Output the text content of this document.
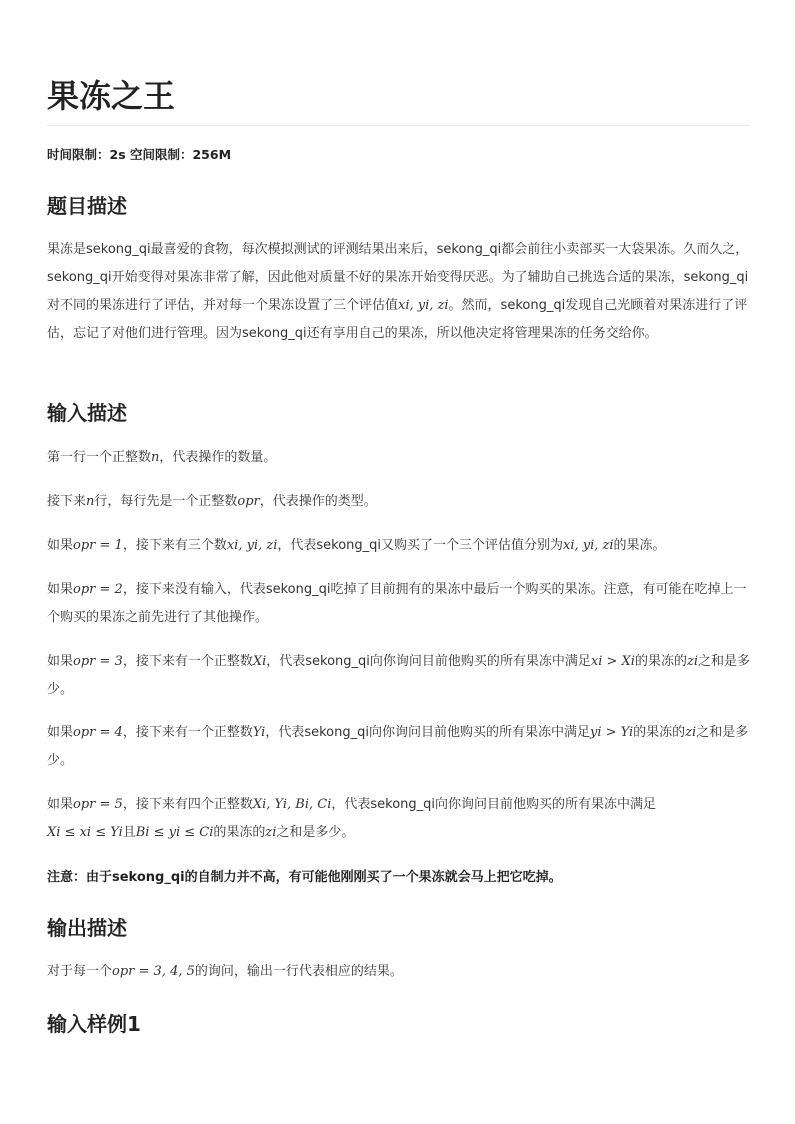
果冻之王
时间限制：2s 空间限制：256M
题目描述

果冻是sekong_qi最喜爱的食物，每次模拟测试的评测结果出来后，sekong_qi都会前往小卖部买一大袋果冻。久而久之，sekong_qi开始变得对果冻非常了解，因此他对质量不好的果冻开始变得厌恶。为了辅助自己挑选合适的果冻，sekong_qi对不同的果冻进行了评估，并对每一个果冻设置了三个评估值xi, yi, zi。然而，sekong_qi发现自己光顾着对果冻进行了评估，忘记了对他们进行管理。因为sekong_qi还有享用自己的果冻，所以他决定将管理果冻的任务交给你。

输入描述

第一行一个正整数n，代表操作的数量。

接下来n行，每行先是一个正整数opr，代表操作的类型。

如果opr = 1，接下来有三个数xi, yi, zi，代表sekong_qi又购买了一个三个评估值分别为xi, yi, zi的果冻。

如果opr = 2，接下来没有输入，代表sekong_qi吃掉了目前拥有的果冻中最后一个购买的果冻。注意，有可能在吃掉上一个购买的果冻之前先进行了其他操作。

如果opr = 3，接下来有一个正整数Xi，代表sekong_qi向你询问目前他购买的所有果冻中满足xi > Xi的果冻的zi之和是多少。

如果opr = 4，接下来有一个正整数Yi，代表sekong_qi向你询问目前他购买的所有果冻中满足yi > Yi的果冻的zi之和是多少。

如果opr = 5，接下来有四个正整数Xi, Yi, Bi, Ci，代表sekong_qi向你询问目前他购买的所有果冻中满足
Xi ≤ xi ≤ Yi且Bi ≤ yi ≤ Ci的果冻的zi之和是多少。

注意：由于sekong_qi的自制力并不高，有可能他刚刚买了一个果冻就会马上把它吃掉。

输出描述

对于每一个opr = 3, 4, 5的询问，输出一行代表相应的结果。

输入样例1
